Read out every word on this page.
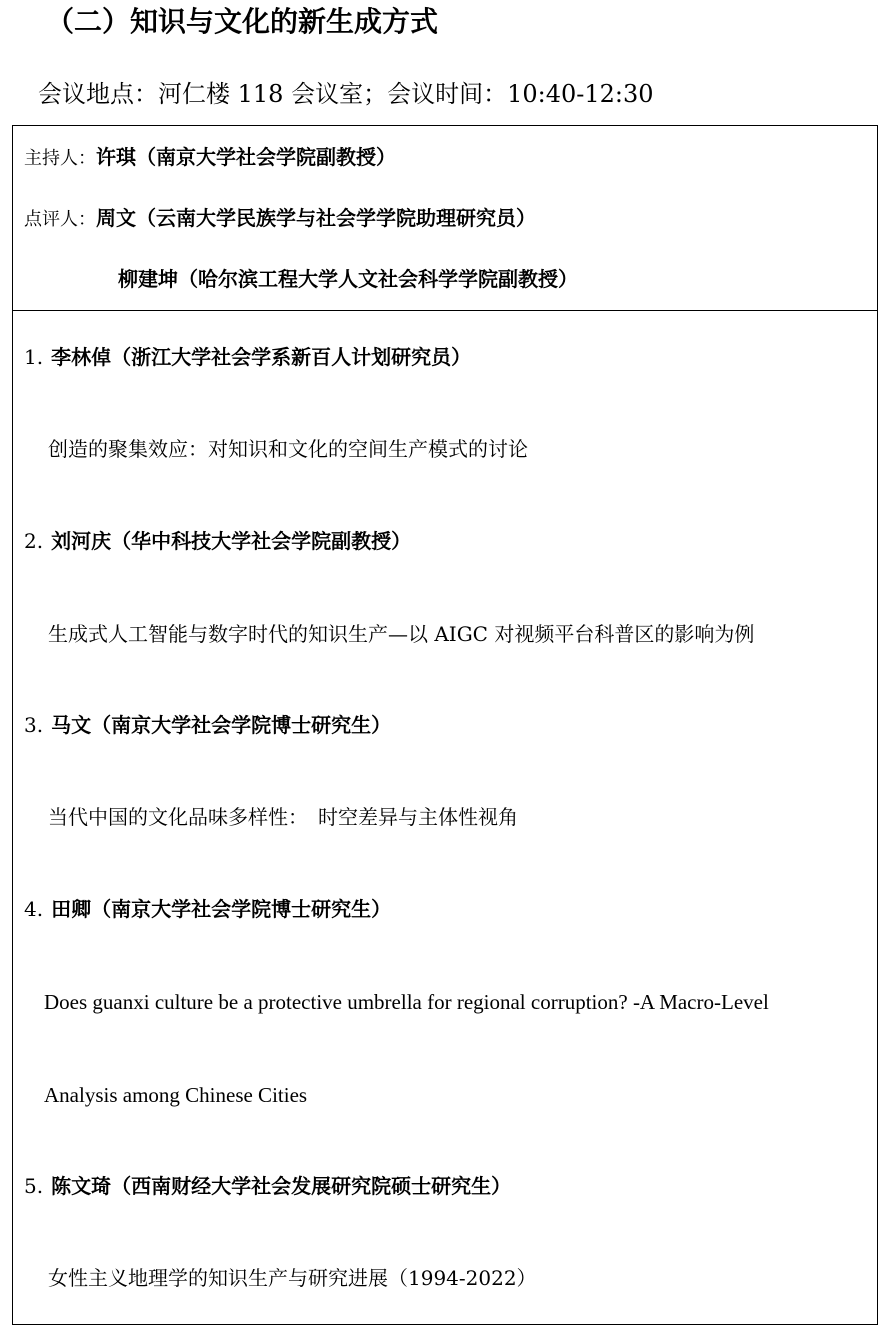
（二）知识与文化的新生成方式
会议地点：河仁楼 118 会议室；会议时间：10:40-12:30
主持人：许琪（南京大学社会学院副教授）
点评人：周文（云南大学民族学与社会学学院助理研究员）
柳建坤（哈尔滨工程大学人文社会科学学院副教授）
1. 李林倬（浙江大学社会学系新百人计划研究员）
创造的聚集效应：对知识和文化的空间生产模式的讨论
2. 刘河庆（华中科技大学社会学院副教授）
生成式人工智能与数字时代的知识生产—以 AIGC 对视频平台科普区的影响为例
3. 马文（南京大学社会学院博士研究生）
当代中国的文化品味多样性：　时空差异与主体性视角
4. 田卿（南京大学社会学院博士研究生）
Does guanxi culture be a protective umbrella for regional corruption? -A Macro-Level
Analysis among Chinese Cities
5. 陈文琦（西南财经大学社会发展研究院硕士研究生）
女性主义地理学的知识生产与研究进展（1994-2022）
